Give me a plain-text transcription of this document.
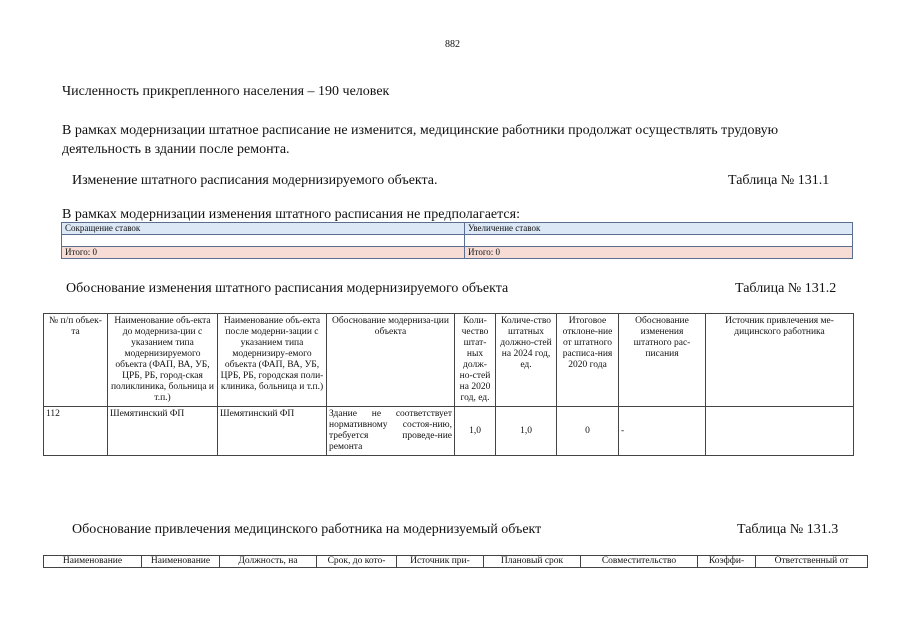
882
Численность прикрепленного населения – 190 человек
В рамках модернизации штатное расписание не изменится, медицинские работники продолжат осуществлять трудовую деятельность в здании после ремонта.
Изменение штатного расписания модернизируемого объекта.	Таблица № 131.1
В рамках модернизации изменения штатного расписания не предполагается:
Сокращение ставок	Увеличение ставок

Итого: 0	Итого: 0
Обоснование изменения штатного расписания модернизируемого объекта	Таблица № 131.2
№ п/п объек-та	Наименование объ-екта до модерниза-ции с указанием типа модернизируемого объекта (ФАП, ВА, УБ, ЦРБ, РБ, город-ская поликлиника, больница и т.п.)	Наименование объ-екта после модерни-зации с указанием типа модернизиру-емого объекта (ФАП, ВА, УБ, ЦРБ, РБ, городская поли-клиника, больница и т.п.)	Обоснование модерниза-ции объекта	Коли-чество штат-ных долж-но-стей на 2020 год, ед.	Количе-ство штатных должно-стей на 2024 год, ед.	Итоговое отклоне-ние от штатного расписа-ния 2020 года	Обоснование изменения штатного рас-писания	Источник привлечения ме-дицинского работника
112	Шемятинский ФП	Шемятинский ФП	Здание не соответствует нормативному состоя-нию, требуется проведе-ние ремонта	1,0	1,0	0	-	
Обоснование привлечения медицинского работника на модернизуемый объект	Таблица № 131.3
Наименование	Наименование	Должность, на	Срок, до кото-	Источник при-	Плановый срок	Совместительство	Коэффи-	Ответственный от
